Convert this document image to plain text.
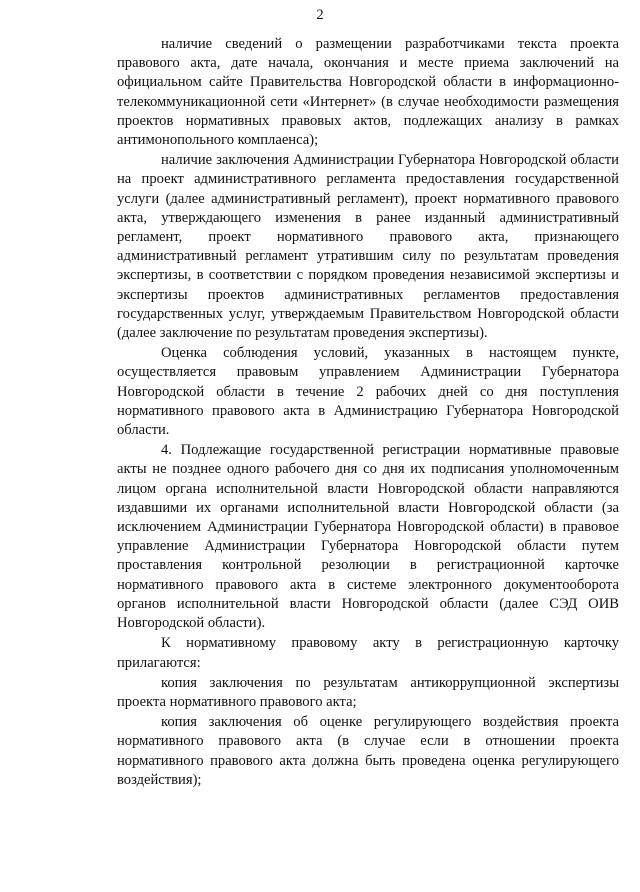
2

наличие сведений о размещении разработчиками текста проекта правового акта, дате начала, окончания и месте приема заключений на официальном сайте Правительства Новгородской области в информационно-телекоммуникационной сети «Интернет» (в случае необходимости размещения проектов нормативных правовых актов, подлежащих анализу в рамках антимонопольного комплаенса);

наличие заключения Администрации Губернатора Новгородской области на проект административного регламента предоставления государственной услуги (далее административный регламент), проект нормативного правового акта, утверждающего изменения в ранее изданный административный регламент, проект нормативного правового акта, признающего административный регламент утратившим силу по результатам проведения экспертизы, в соответствии с порядком проведения независимой экспертизы и экспертизы проектов административных регламентов предоставления государственных услуг, утверждаемым Правительством Новгородской области (далее заключение по результатам проведения экспертизы).

Оценка соблюдения условий, указанных в настоящем пункте, осуществляется правовым управлением Администрации Губернатора Новгородской области в течение 2 рабочих дней со дня поступления нормативного правового акта в Администрацию Губернатора Новгородской области.

4. Подлежащие государственной регистрации нормативные правовые акты не позднее одного рабочего дня со дня их подписания уполномоченным лицом органа исполнительной власти Новгородской области направляются издавшими их органами исполнительной власти Новгородской области (за исключением Администрации Губернатора Новгородской области) в правовое управление Администрации Губернатора Новгородской области путем проставления контрольной резолюции в регистрационной карточке нормативного правового акта в системе электронного документооборота органов исполнительной власти Новгородской области (далее СЭД ОИВ Новгородской области).

К нормативному правовому акту в регистрационную карточку прилагаются:

копия заключения по результатам антикоррупционной экспертизы проекта нормативного правового акта;

копия заключения об оценке регулирующего воздействия проекта нормативного правового акта (в случае если в отношении проекта нормативного правового акта должна быть проведена оценка регулирующего воздействия);
